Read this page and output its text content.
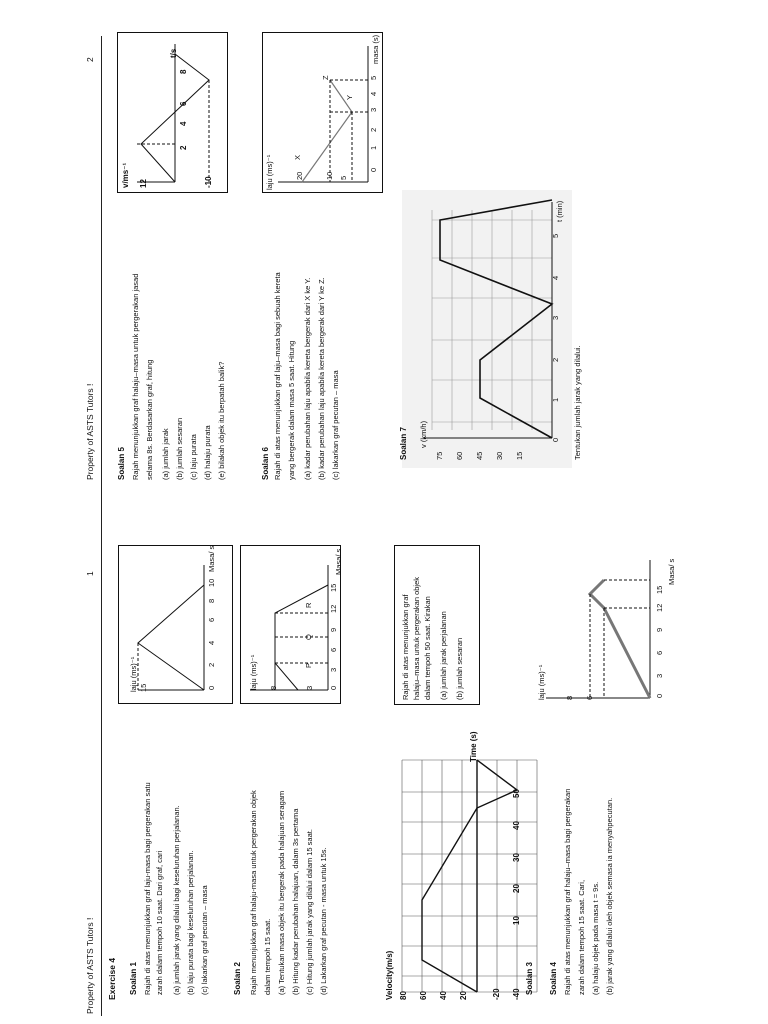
Property of ASTS Tutors !
1
Exercise 4 Soalan 1 Rajah di atas menunjukkan graf laju-masa bagi pergerakan satu zarah dalam tempoh 10 saat. Dari graf, cari (a) jumlah jarak yang dilalui bagi keseluruhan perjalanan. (b) laju purata bagi keseluruhan perjalanan. (c) lakarkan graf pecutan – masa
laju (ms)⁻¹ 15	0
2
4
6
8
10
Masa/ s
Soalan 2 Rajah menunjukkan graf halaju-masa untuk pergerakan objek dalam tempoh 15 saat. (a) Tentukan masa objek itu bergerak pada halajuan seragam (b) Hitung kadar perubahan halajuan, dalam 3s pertama (c) Hitung jumlah jarak yang dilalui dalam 15 saat. (d) Lakarkan graf pecutan - masa untuk 15s.
laju (ms)⁻¹ 8	3
P
Q
R
0
3
6
9
12
15
Masa/ s
Velocity(m/s) 80 60 40 20	-20 -40
10
20
30
40
50
Time (s)
Rajah di atas menunjukkan graf halaju–masa untuk pergerakan objek dalam tempoh 50 saat. Kirakan (a) jumlah jarak perjalanan (b) jumlah sesaran
Soalan 3
laju (ms)⁻¹	8 6	0
3
6
9
12
15
Masa/ s
Soalan 4 Rajah di atas menunjukkan graf halaju–masa bagi pergerakan zarah dalam tempoh 15 saat. Cari, (a) halaju objek pada masa t = 9s. (b) jarak yang dilalui oleh objek semasa ia menyahpecutan.
Property of ASTS Tutors !
2
v/ms⁻¹ 12	-10
2
4
6
8
t/s
Soalan 5 Rajah menunjukkan graf halaju–masa untuk pergerakan jasad selama 8s. Berdasarkan graf, hitung (a) jumlah jarak (b) jumlah sesaran (c) laju purata (d) halaju purata (e) bilakah objek itu berpatah balik?
laju (ms)⁻¹	20	10 5
X
Y
Z
0
1
2
3
4
5
masa (s)
Soalan 6 Rajah di atas menunjukkan graf laju–masa bagi sebuah kereta yang bergerak dalam masa 5 saat. Hitung (a) kadar perubahan laju apabila kereta bergerak dari X ke Y. (b) kadar perubahan laju apabila kereta bergerak dari Y ke Z. (c) lakarkan graf pecutan – masa	Soalan 7	75 60 45 30 15
v (km/h)	0
1
2
3
4
5
t (min)
Tentukan jumlah jarak yang dilalui.
